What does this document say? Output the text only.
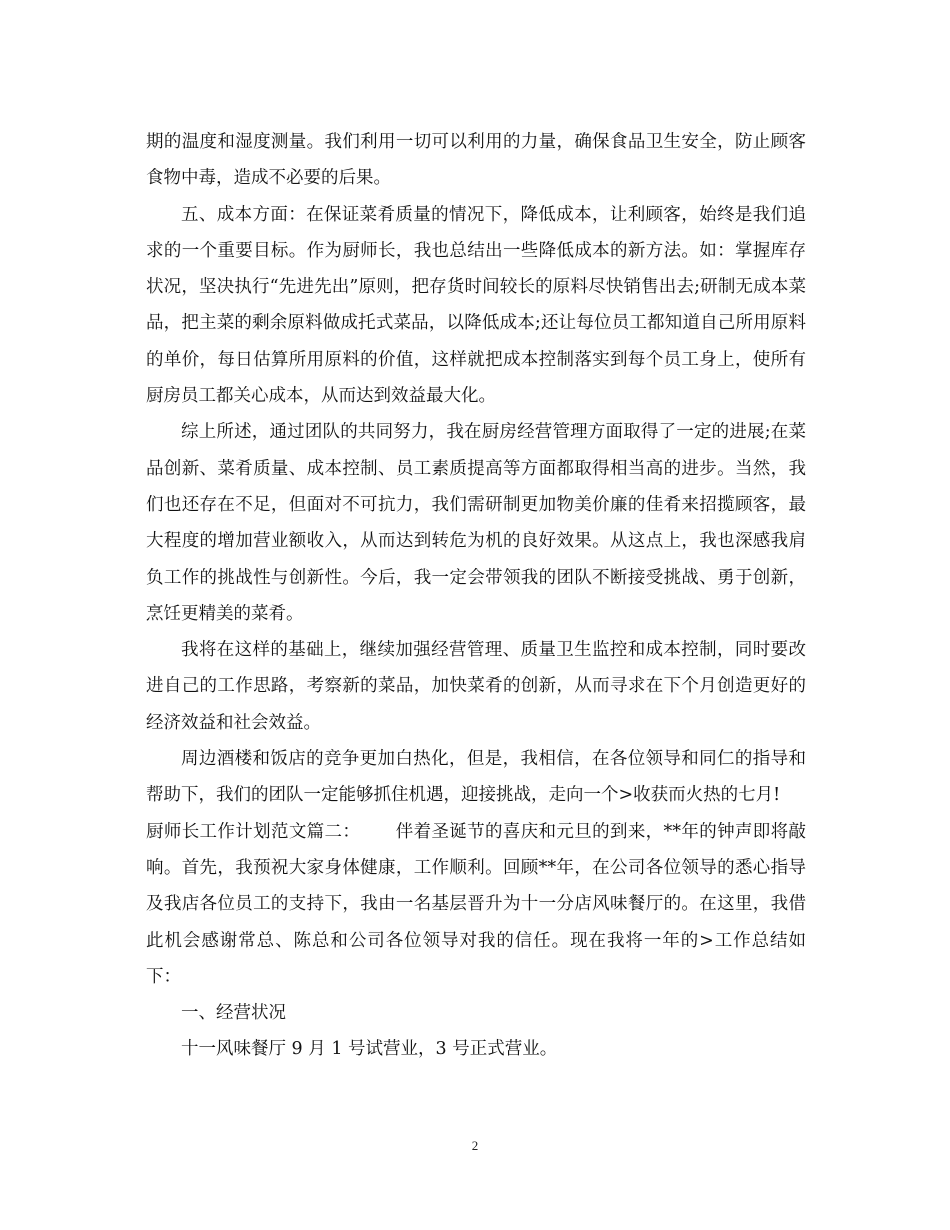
期的温度和湿度测量。我们利用一切可以利用的力量，确保食品卫生安全，防止顾客食物中毒，造成不必要的后果。

五、成本方面：在保证菜肴质量的情况下，降低成本，让利顾客，始终是我们追求的一个重要目标。作为厨师长，我也总结出一些降低成本的新方法。如：掌握库存状况，坚决执行“先进先出”原则，把存货时间较长的原料尽快销售出去;研制无成本菜品，把主菜的剩余原料做成托式菜品，以降低成本;还让每位员工都知道自己所用原料的单价，每日估算所用原料的价值，这样就把成本控制落实到每个员工身上，使所有厨房员工都关心成本，从而达到效益最大化。

综上所述，通过团队的共同努力，我在厨房经营管理方面取得了一定的进展;在菜品创新、菜肴质量、成本控制、员工素质提高等方面都取得相当高的进步。当然，我们也还存在不足，但面对不可抗力，我们需研制更加物美价廉的佳肴来招揽顾客，最大程度的增加营业额收入，从而达到转危为机的良好效果。从这点上，我也深感我肩负工作的挑战性与创新性。今后，我一定会带领我的团队不断接受挑战、勇于创新，烹饪更精美的菜肴。

我将在这样的基础上，继续加强经营管理、质量卫生监控和成本控制，同时要改进自己的工作思路，考察新的菜品，加快菜肴的创新，从而寻求在下个月创造更好的经济效益和社会效益。

周边酒楼和饭店的竞争更加白热化，但是，我相信，在各位领导和同仁的指导和帮助下，我们的团队一定能够抓住机遇，迎接挑战，走向一个>收获而火热的七月!

厨师长工作计划范文篇二：      伴着圣诞节的喜庆和元旦的到来，**年的钟声即将敲响。首先，我预祝大家身体健康，工作顺利。回顾**年，在公司各位领导的悉心指导及我店各位员工的支持下，我由一名基层晋升为十一分店风味餐厅的。在这里，我借此机会感谢常总、陈总和公司各位领导对我的信任。现在我将一年的>工作总结如下：

一、经营状况

十一风味餐厅 9 月 1 号试营业，3 号正式营业。

2
